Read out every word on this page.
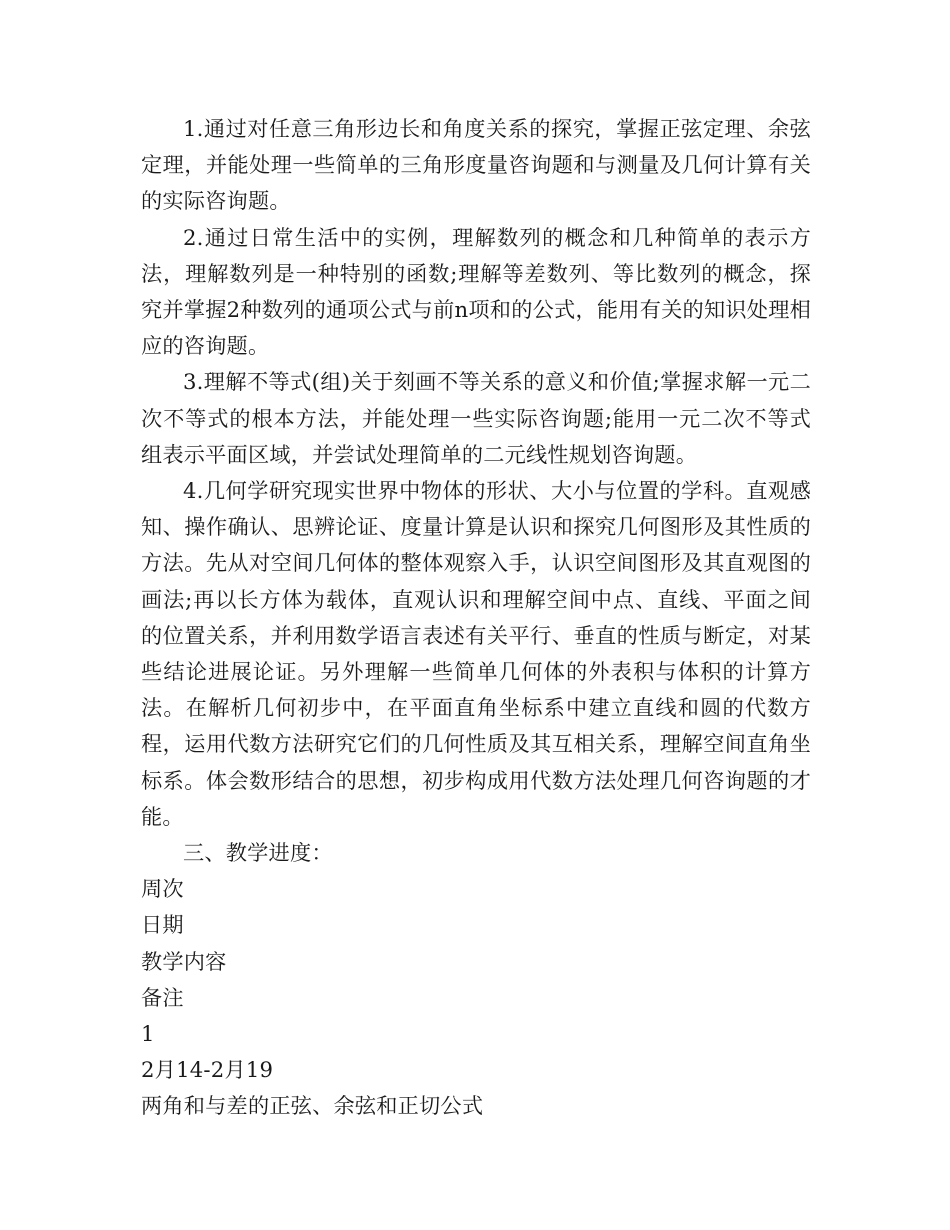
1.通过对任意三角形边长和角度关系的探究，掌握正弦定理、余弦定理，并能处理一些简单的三角形度量咨询题和与测量及几何计算有关的实际咨询题。

2.通过日常生活中的实例，理解数列的概念和几种简单的表示方法，理解数列是一种特别的函数;理解等差数列、等比数列的概念，探究并掌握2种数列的通项公式与前n项和的公式，能用有关的知识处理相应的咨询题。

3.理解不等式(组)关于刻画不等关系的意义和价值;掌握求解一元二次不等式的根本方法，并能处理一些实际咨询题;能用一元二次不等式组表示平面区域，并尝试处理简单的二元线性规划咨询题。

4.几何学研究现实世界中物体的形状、大小与位置的学科。直观感知、操作确认、思辨论证、度量计算是认识和探究几何图形及其性质的方法。先从对空间几何体的整体观察入手，认识空间图形及其直观图的画法;再以长方体为载体，直观认识和理解空间中点、直线、平面之间的位置关系，并利用数学语言表述有关平行、垂直的性质与断定，对某些结论进展论证。另外理解一些简单几何体的外表积与体积的计算方法。在解析几何初步中，在平面直角坐标系中建立直线和圆的代数方程，运用代数方法研究它们的几何性质及其互相关系，理解空间直角坐标系。体会数形结合的思想，初步构成用代数方法处理几何咨询题的才能。

三、教学进度：

周次

日期

教学内容

备注

1

2月14-2月19

两角和与差的正弦、余弦和正切公式
